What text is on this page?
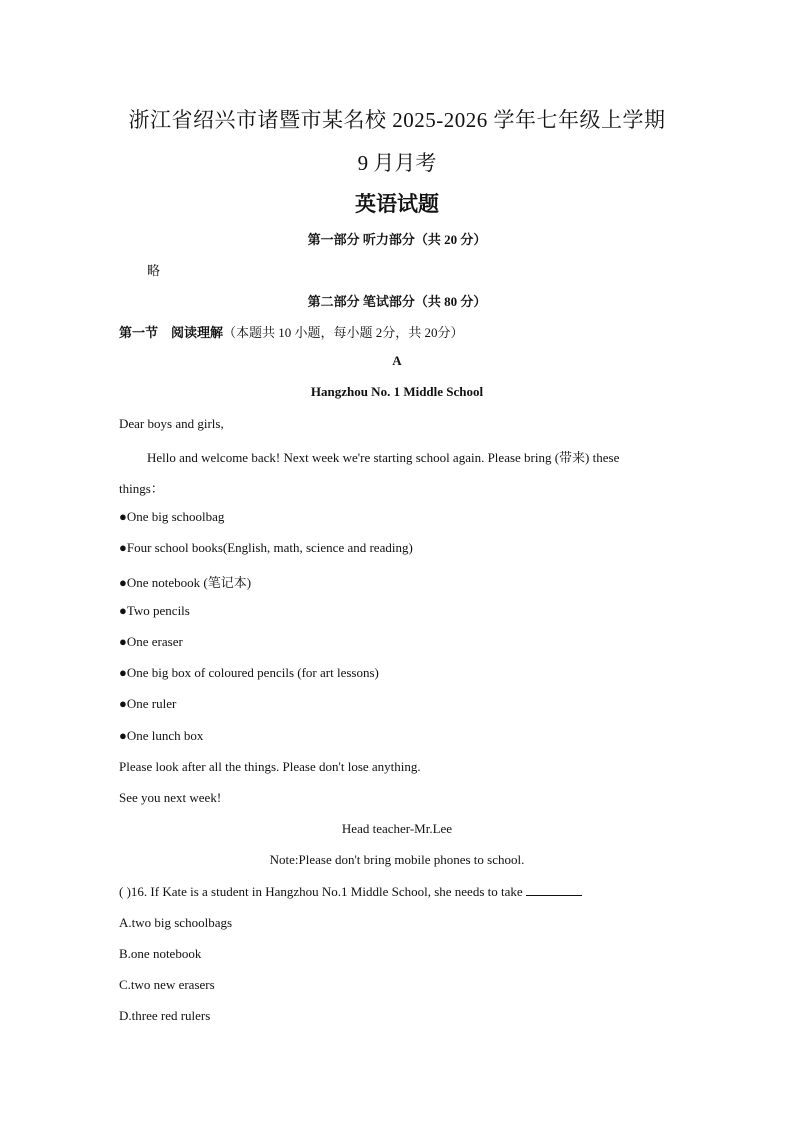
浙江省绍兴市诸暨市某名校 2025-2026 学年七年级上学期
9 月月考
英语试题
第一部分 听力部分（共 20 分）
略
第二部分 笔试部分（共 80 分）
第一节 阅读理解（本题共 10 小题，每小题 2分，共 20分）
A
Hangzhou No. 1 Middle School
Dear boys and girls,
Hello and welcome back! Next week we're starting school again. Please bring (带来) these
things：
●One big schoolbag
●Four school books(English, math, science and reading)
●One notebook (笔记本)
●Two pencils
●One eraser
●One big box of coloured pencils (for art lessons)
●One ruler
●One lunch box
Please look after all the things. Please don't lose anything.
See you next week!
Head teacher-Mr.Lee
Note:Please don't bring mobile phones to school.
( )16. If Kate is a student in Hangzhou No.1 Middle School, she needs to take
A.two big schoolbags
B.one notebook
C.two new erasers
D.three red rulers
